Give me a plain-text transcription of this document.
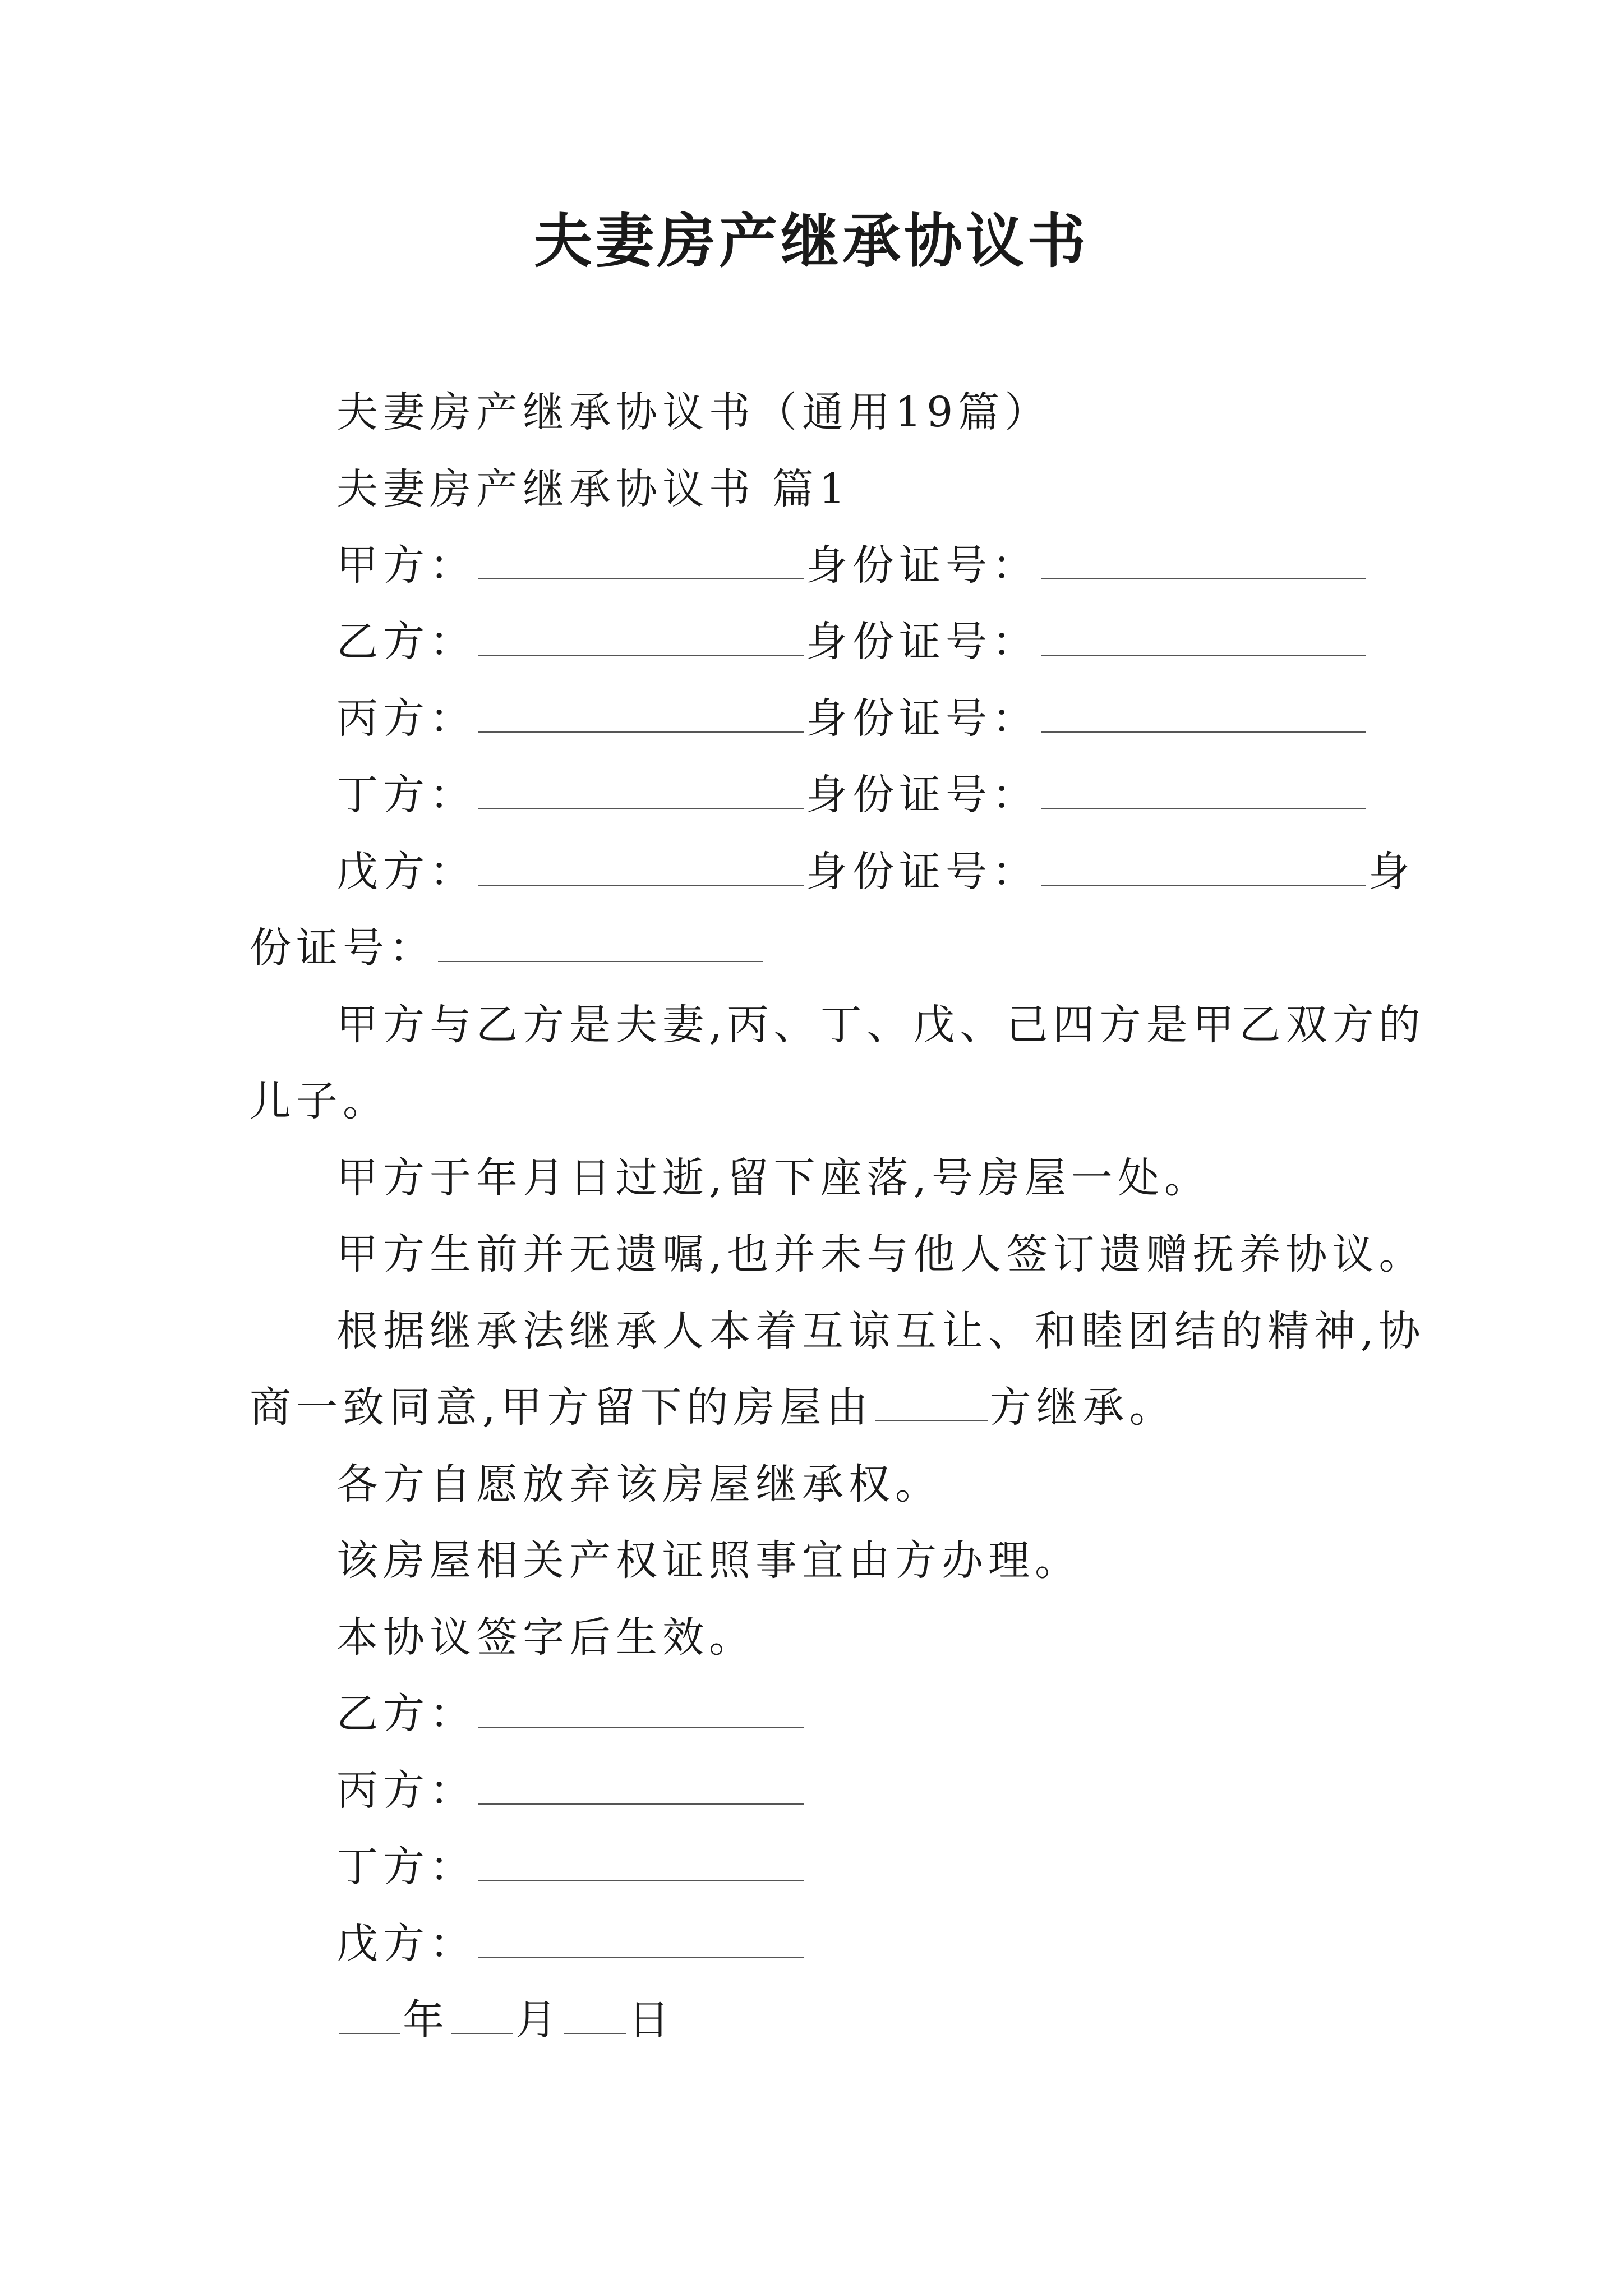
夫妻房产继承协议书
夫妻房产继承协议书（通用19篇）
夫妻房产继承协议书 篇1
甲方：	身份证号：
乙方：	身份证号：
丙方：	身份证号：
丁方：	身份证号：
戊方：	身份证号：	身
份证号：
甲方与乙方是夫妻,丙、丁、戊、己四方是甲乙双方的
儿子。
甲方于年月日过逝,留下座落,号房屋一处。
甲方生前并无遗嘱,也并未与他人签订遗赠抚养协议。
根据继承法继承人本着互谅互让、和睦团结的精神,协
商一致同意,甲方留下的房屋由	方继承。
各方自愿放弃该房屋继承权。
该房屋相关产权证照事宜由方办理。
本协议签字后生效。
乙方：
丙方：
丁方：
戊方：
年 月 日
